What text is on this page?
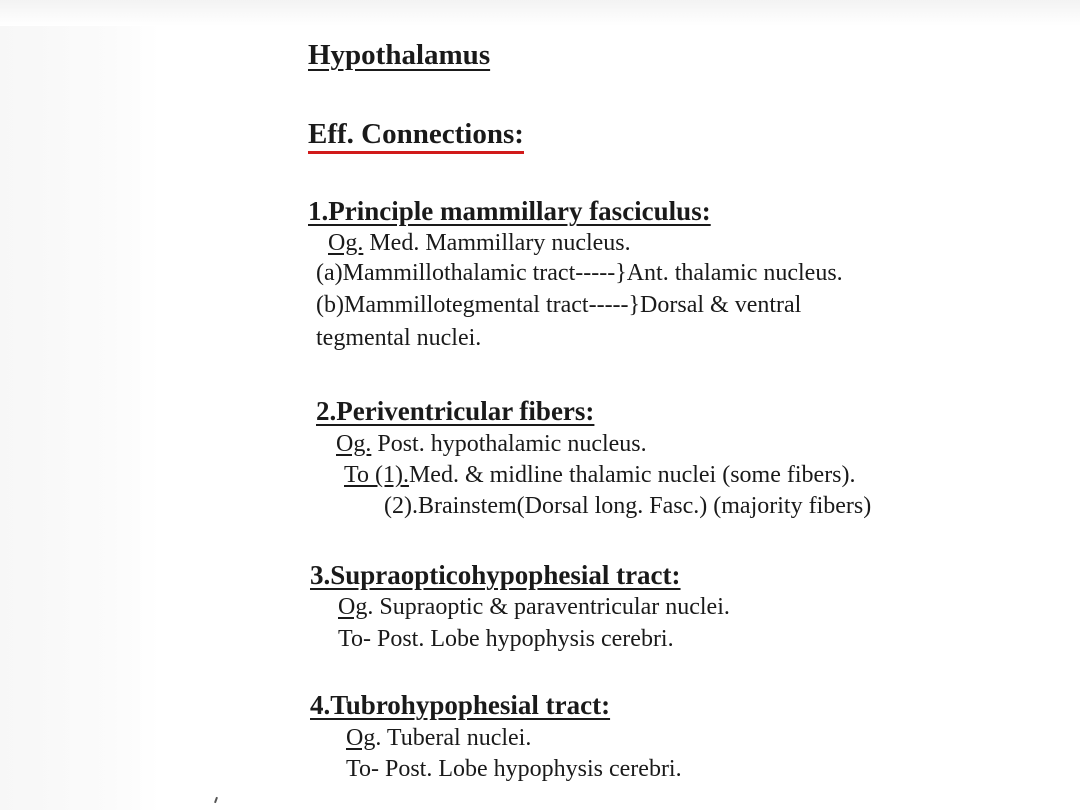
Hypothalamus
Eff. Connections:
1.Principle mammillary fasciculus:
Og. Med. Mammillary nucleus.
(a)Mammillothalamic tract-----}Ant. thalamic nucleus.
(b)Mammillotegmental tract-----}Dorsal & ventral
tegmental nuclei.
2.Periventricular fibers:
Og. Post. hypothalamic nucleus.
To (1).Med. & midline thalamic nuclei (some fibers).
(2).Brainstem(Dorsal long. Fasc.) (majority fibers)
3.Supraopticohypophesial tract:
Og. Supraoptic & paraventricular nuclei.
To- Post. Lobe hypophysis cerebri.
4.Tubrohypophesial tract:
Og. Tuberal nuclei.
To- Post. Lobe hypophysis cerebri.
